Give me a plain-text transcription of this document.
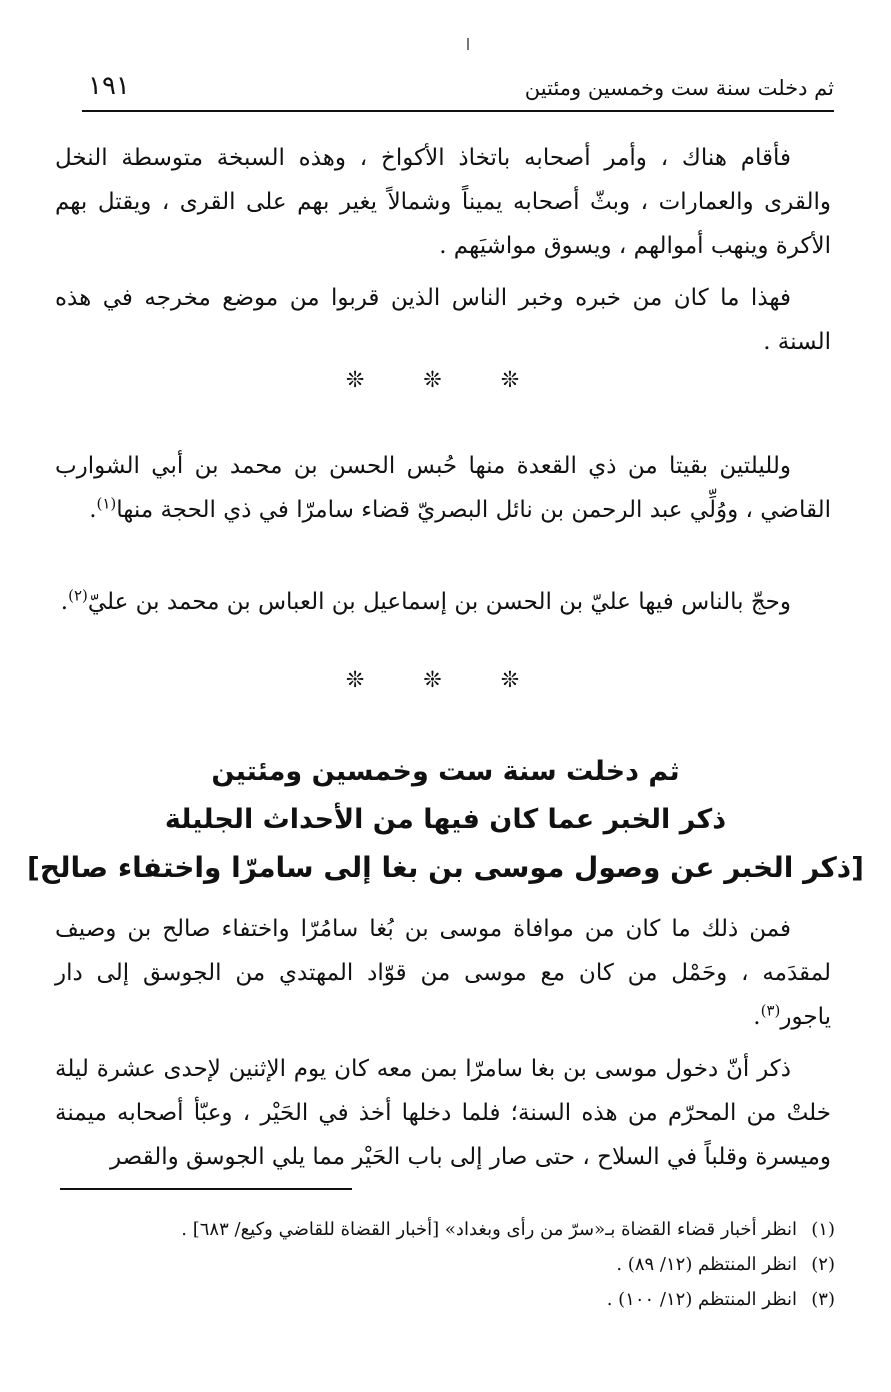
ثم دخلت سنة ست وخمسين ومئتين
١٩١

فأقام هناك ، وأمر أصحابه باتخاذ الأكواخ ، وهذه السبخة متوسطة النخل والقرى والعمارات ، وبثّ أصحابه يميناً وشمالاً يغير بهم على القرى ، ويقتل بهم الأكرة وينهب أموالهم ، ويسوق مواشيَهم .

فهذا ما كان من خبره وخبر الناس الذين قربوا من موضع مخرجه في هذه السنة .

❊ ❊ ❊

ولليلتين بقيتا من ذي القعدة منها حُبس الحسن بن محمد بن أبي الشوارب القاضي ، ووُلِّي عبد الرحمن بن نائل البصريّ قضاء سامرّا في ذي الحجة منها$^{(١)}$.

وحجّ بالناس فيها عليّ بن الحسن بن إسماعيل بن العباس بن محمد بن عليّ$^{(٢)}$.

❊ ❊ ❊
ثم دخلت سنة ست وخمسين ومئتين
ذكر الخبر عما كان فيها من الأحداث الجليلة
[ذكر الخبر عن وصول موسى بن بغا إلى سامرّا واختفاء صالح]

فمن ذلك ما كان من موافاة موسى بن بُغا سامُرّا واختفاء صالح بن وصيف لمقدَمه ، وحَمْل من كان مع موسى من قوّاد المهتدي من الجوسق إلى دار ياجور$^{(٣)}$.

ذكر أنّ دخول موسى بن بغا سامرّا بمن معه كان يوم الإثنين لإحدى عشرة ليلة خلتْ من المحرّم من هذه السنة؛ فلما دخلها أخذ في الحَيْر ، وعبّأ أصحابه ميمنة وميسرة وقلباً في السلاح ، حتى صار إلى باب الحَيْر مما يلي الجوسق والقصر

(١)انظر أخبار قضاء القضاة بـ«سرّ من رأى وبغداد» [أخبار القضاة للقاضي وكيع/ ٦٨٣] .

(٢)انظر المنتظم (١٢/ ٨٩) .

(٣)انظر المنتظم (١٢/ ١٠٠) .
